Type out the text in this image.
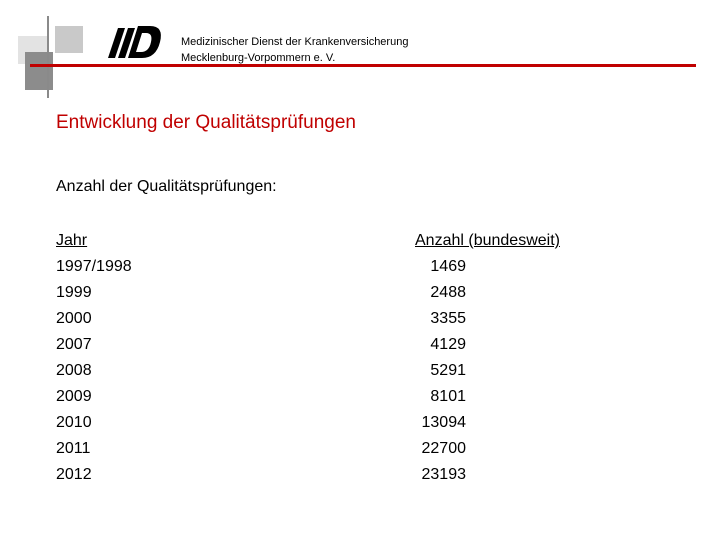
Medizinischer Dienst der Krankenversicherung
Mecklenburg-Vorpommern e. V.
Entwicklung der Qualitätsprüfungen
Anzahl der Qualitätsprüfungen:
Jahr
1997/1998
1999
2000
2007
2008
2009
2010
2011
2012
Anzahl (bundesweit)
1469
2488
3355
4129
5291
8101
13094
22700
23193
